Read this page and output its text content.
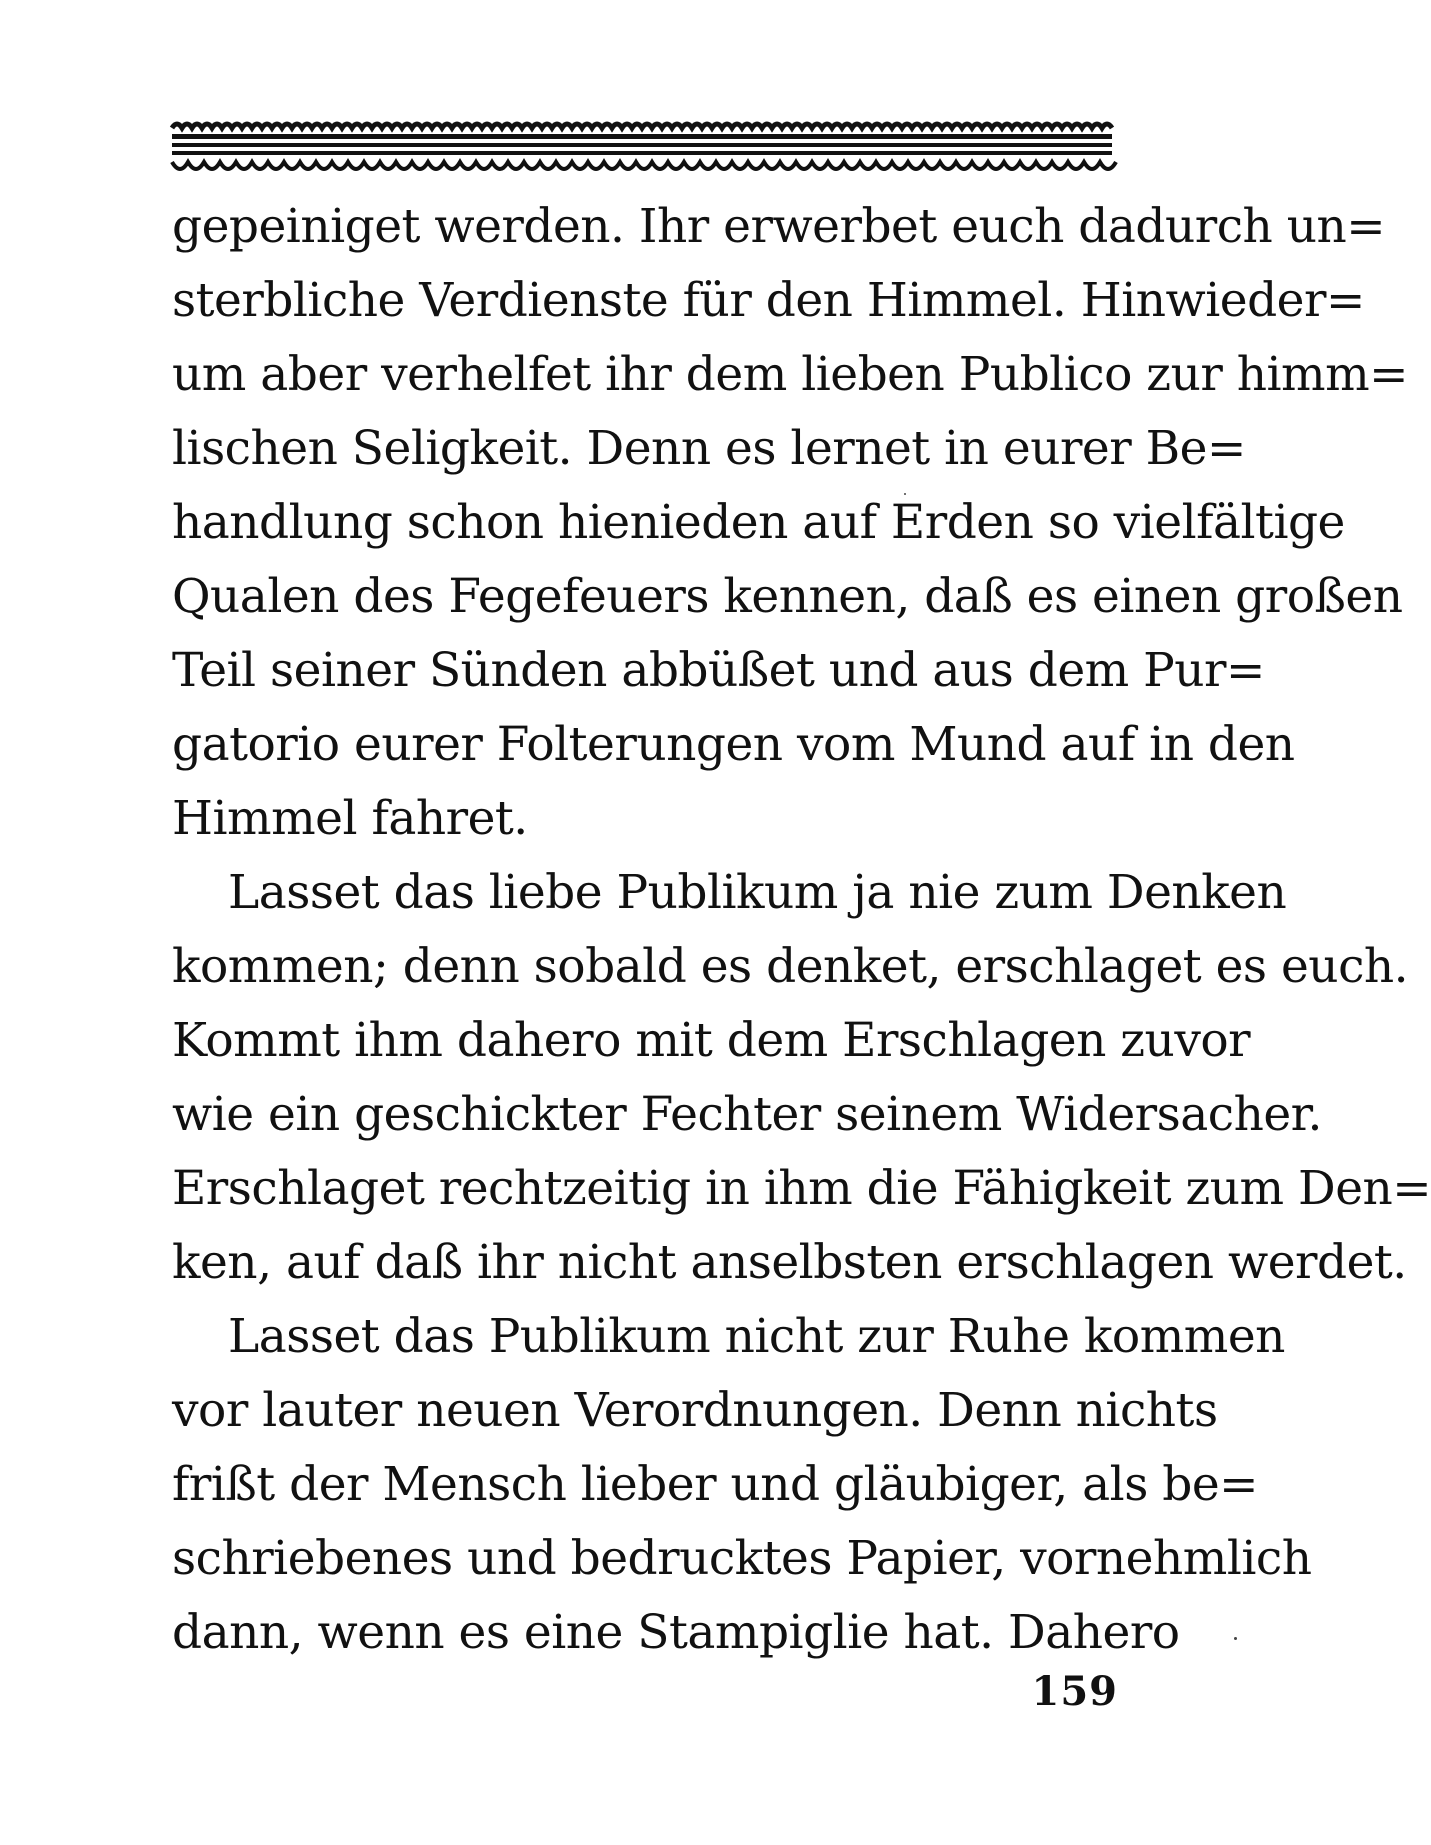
gepeiniget werden. Ihr erwerbet euch dadurch un=
sterbliche Verdienste für den Himmel. Hinwieder=
um aber verhelfet ihr dem lieben Publico zur himm=
lischen Seligkeit. Denn es lernet in eurer Be=
handlung schon hienieden auf Erden so vielfältige
Qualen des Fegefeuers kennen, daß es einen großen
Teil seiner Sünden abbüßet und aus dem Pur=
gatorio eurer Folterungen vom Mund auf in den
Himmel fahret.
Lasset das liebe Publikum ja nie zum Denken
kommen; denn sobald es denket, erschlaget es euch.
Kommt ihm dahero mit dem Erschlagen zuvor
wie ein geschickter Fechter seinem Widersacher.
Erschlaget rechtzeitig in ihm die Fähigkeit zum Den=
ken, auf daß ihr nicht anselbsten erschlagen werdet.
Lasset das Publikum nicht zur Ruhe kommen
vor lauter neuen Verordnungen. Denn nichts
frißt der Mensch lieber und gläubiger, als be=
schriebenes und bedrucktes Papier, vornehmlich
dann, wenn es eine Stampiglie hat. Dahero
159
